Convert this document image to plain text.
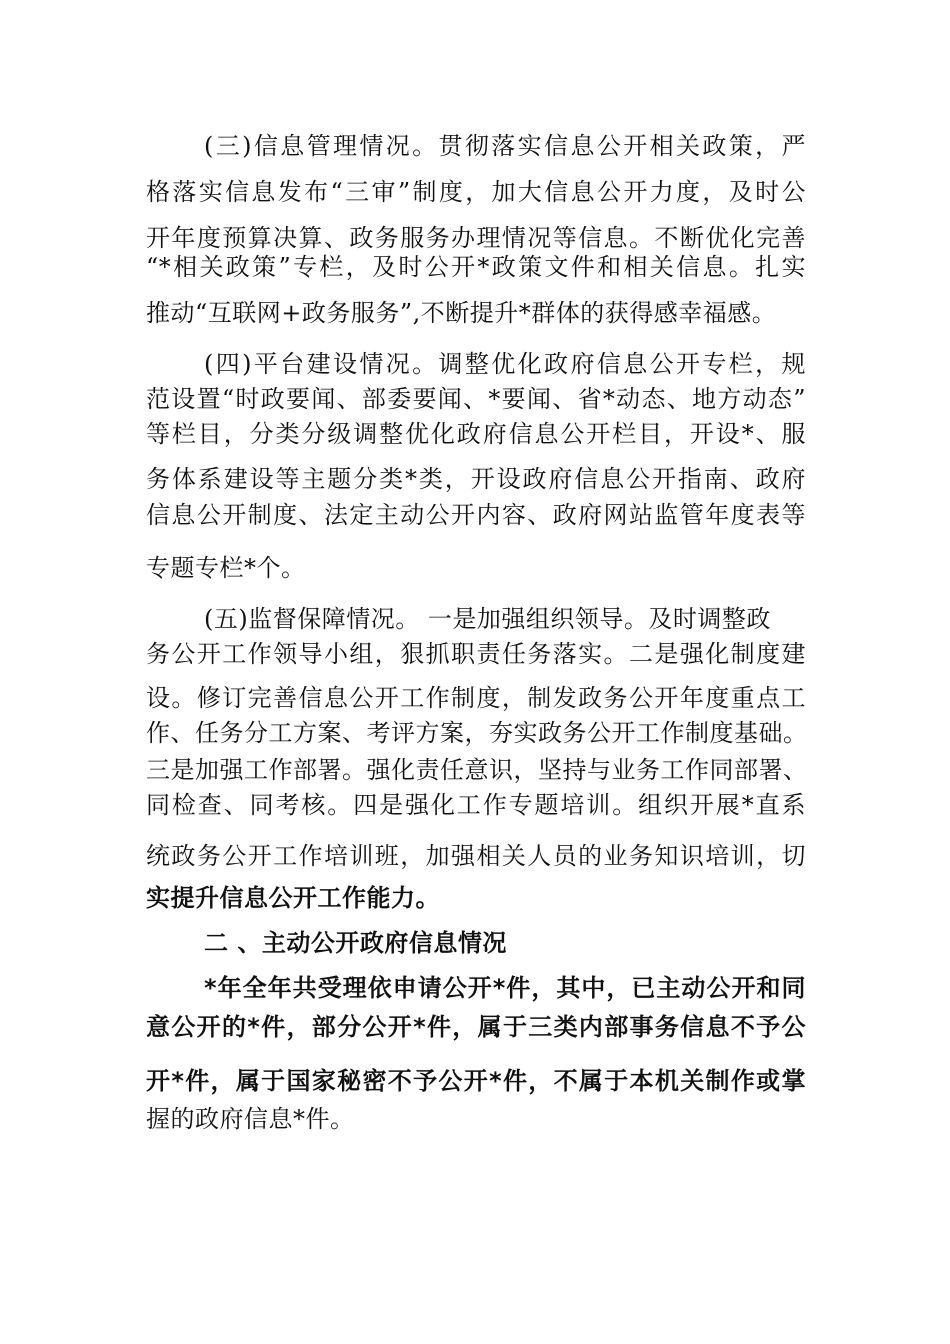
(三)信息管理情况。贯彻落实信息公开相关政策，严
格落实信息发布“三审”制度，加大信息公开力度，及时公
开年度预算决算、政务服务办理情况等信息。不断优化完善
“*相关政策”专栏，及时公开*政策文件和相关信息。扎实
推动“互联网+政务服务”,不断提升*群体的获得感幸福感。
(四)平台建设情况。调整优化政府信息公开专栏，规
范设置“时政要闻、部委要闻、*要闻、省*动态、地方动态”
等栏目，分类分级调整优化政府信息公开栏目，开设*、服
务体系建设等主题分类*类，开设政府信息公开指南、政府
信息公开制度、法定主动公开内容、政府网站监管年度表等
专题专栏*个。
(五)监督保障情况。 一是加强组织领导。及时调整政
务公开工作领导小组，狠抓职责任务落实。二是强化制度建
设。修订完善信息公开工作制度，制发政务公开年度重点工
作、任务分工方案、考评方案，夯实政务公开工作制度基础。
三是加强工作部署。强化责任意识，坚持与业务工作同部署、
同检查、同考核。四是强化工作专题培训。组织开展*直系
统政务公开工作培训班，加强相关人员的业务知识培训，切
实提升信息公开工作能力。
二 、主动公开政府信息情况
*年全年共受理依申请公开*件，其中，已主动公开和同
意公开的*件，部分公开*件，属于三类内部事务信息不予公
开*件，属于国家秘密不予公开*件，不属于本机关制作或掌
握的政府信息*件。
